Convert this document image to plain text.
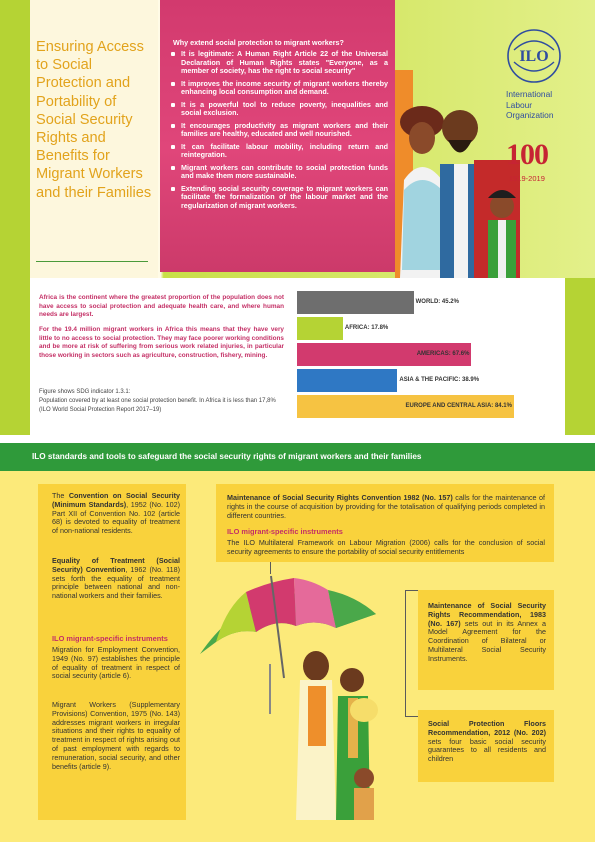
Ensuring Access to Social Protection and Portability of Social Security Rights and Benefits for Migrant Workers and their Families
Why extend social protection to migrant workers?
It is legitimate: A Human Right Article 22 of the Universal Declaration of Human Rights states "Everyone, as a member of society, has the right to social security"
It improves the income security of migrant workers thereby enhancing local consumption and demand.
It is a powerful tool to reduce poverty, inequalities and social exclusion.
It encourages productivity as migrant workers and their families are healthy, educated and well nourished.
It can facilitate labour mobility, including return and reintegration.
Migrant workers can contribute to social protection funds and make them more sustainable.
Extending social security coverage to migrant workers can facilitate the formalization of the labour market and the regularization of migrant workers.
ILO
International
Labour
Organization
100
1919-2019

Africa is the continent where the greatest proportion of the population does not have access to social protection and adequate health care, and where human needs are largest.

For the 19.4 million migrant workers in Africa this means that they have very little to no access to social protection. They may face poorer working conditions and be more at risk of suffering from serious work related injuries, in particular those working in sectors such as agriculture, construction, fishery, mining.

Figure shows SDG indicator 1.3.1:

Population covered by at least one social protection benefit. In Africa it is less than 17,8% (ILO World Social Protection Report 2017–19)

WORLD: 45.2%
AFRICA: 17.8%
AMERICAS: 67.6%
ASIA & THE PACIFIC: 38.9%
EUROPE AND CENTRAL ASIA: 84.1%
ILO standards and tools to safeguard the social security rights of migrant workers and their families
The Convention on Social Security (Minimum Standards), 1952 (No. 102) Part XII of Convention No. 102 (article 68) is devoted to equality of treatment of non-national residents.
Equality of Treatment (Social Security) Convention, 1962 (No. 118) sets forth the equality of treatment principle between national and non-national workers and their families.
ILO migrant-specific instruments
Migration for Employment Convention, 1949 (No. 97) establishes the principle of equality of treatment in respect of social security (article 6).
Migrant Workers (Supplementary Provisions) Convention, 1975 (No. 143) addresses migrant workers in irregular situations and their rights to equality of treatment in respect of rights arising out of past employment with regards to remuneration, social security, and other benefits (article 9).
Maintenance of Social Security Rights Convention 1982 (No. 157) calls for the maintenance of rights in the course of acquisition by providing for the totalisation of qualifying periods completed in different countries.
ILO migrant-specific instruments
The ILO Multilateral Framework on Labour Migration (2006) calls for the conclusion of social security agreements to ensure the portability of social security entitlements
Maintenance of Social Security Rights Recommendation, 1983 (No. 167) sets out in its Annex a Model Agreement for the Coordination of Bilateral or Multilateral Social Security Instruments.
Social Protection Floors Recommendation, 2012 (No. 202) sets four basic social security guarantees to all residents and children
